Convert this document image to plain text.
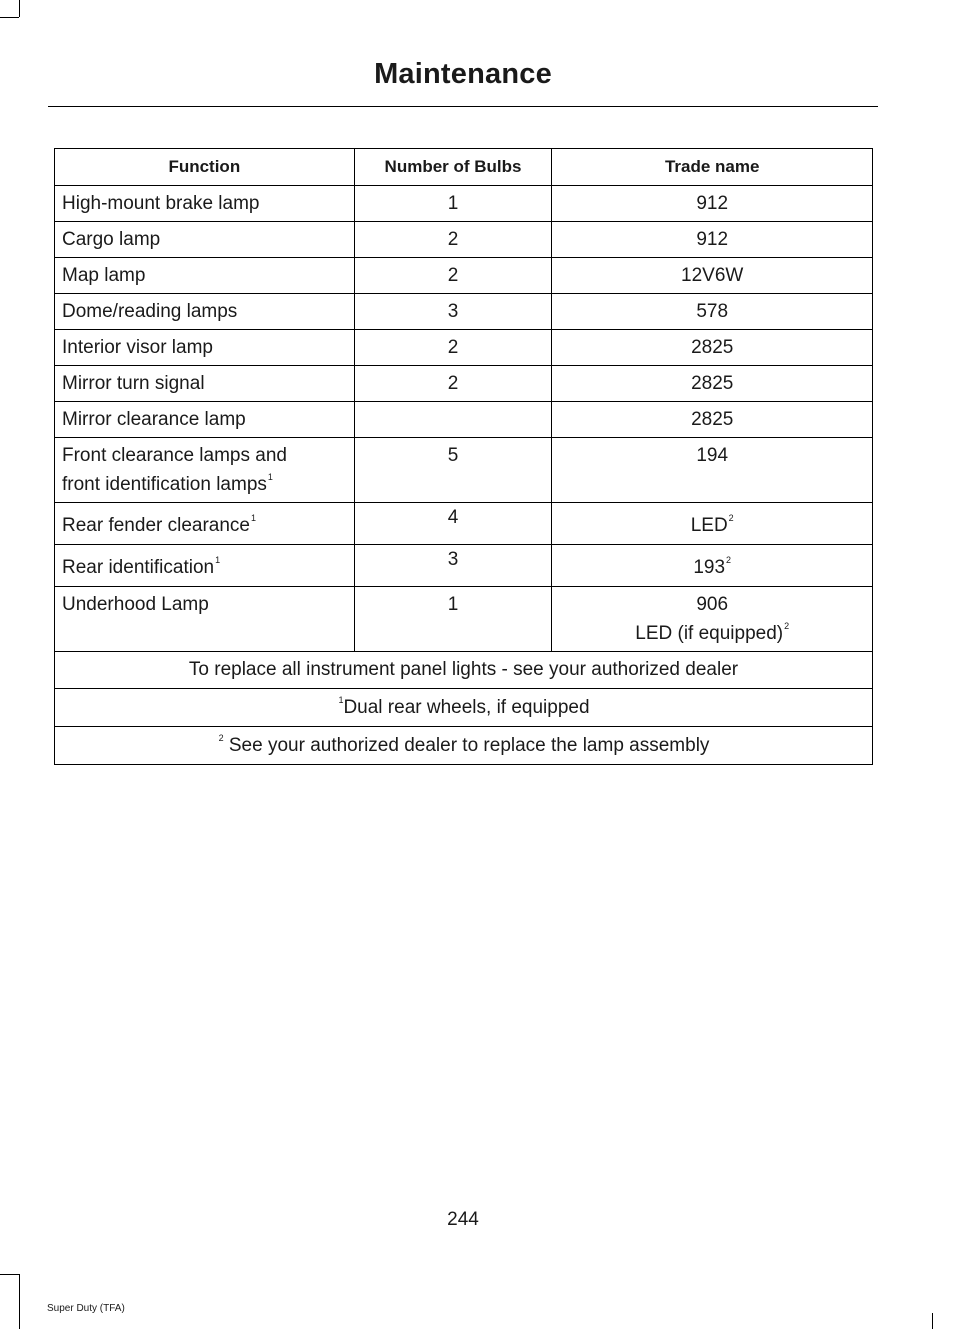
Maintenance
Function	Number of Bulbs	Trade name
High-mount brake lamp	1	912
Cargo lamp	2	912
Map lamp	2	12V6W
Dome/reading lamps	3	578
Interior visor lamp	2	2825
Mirror turn signal	2	2825
Mirror clearance lamp		2825
Front clearance lamps and
front identification lamps$^1$	5	194
Rear fender clearance$^1$	4	LED$^2$
Rear identification$^1$	3	$193^2$
Underhood Lamp	1	906
LED (if equipped)$^2$
To replace all instrument panel lights - see your authorized dealer		
$^1$Dual rear wheels, if equipped		
$^2$ See your authorized dealer to replace the lamp assembly		
244
Super Duty (TFA)
